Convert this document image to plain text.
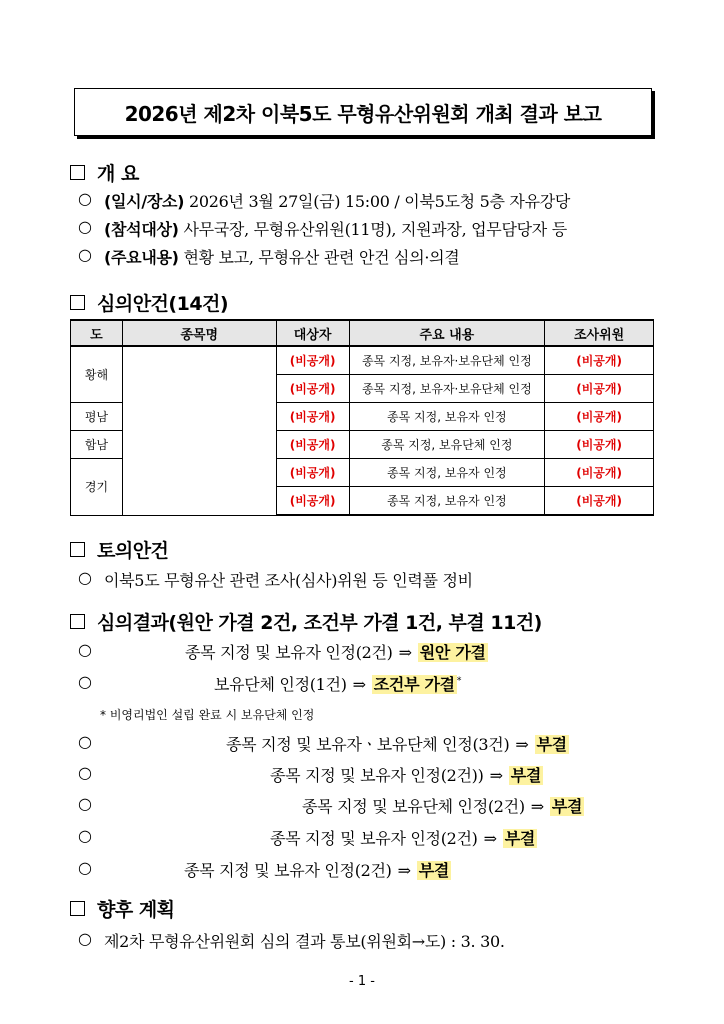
2026년 제2차 이북5도 무형유산위원회 개최 결과 보고
개 요
○ (일시/장소) 2026년 3월 27일(금) 15:00 / 이북5도청 5층 자유강당
○ (참석대상) 사무국장, 무형유산위원(11명), 지원과장, 업무담당자 등
○ (주요내용) 현황 보고, 무형유산 관련 안건 심의·의결
심의안건(14건)
도	종목명	대상자	주요 내용	조사위원
황해		(비공개)	종목 지정, 보유자·보유단체 인정	(비공개)
		(비공개)	종목 지정, 보유자·보유단체 인정	(비공개)
평남		(비공개)	종목 지정, 보유자 인정	(비공개)
함남		(비공개)	종목 지정, 보유단체 인정	(비공개)
경기		(비공개)	종목 지정, 보유자 인정	(비공개)
		(비공개)	종목 지정, 보유자 인정	(비공개)
토의안건
○ 이북5도 무형유산 관련 조사(심사)위원 등 인력풀 정비
심의결과(원안 가결 2건, 조건부 가결 1건, 부결 11건)
○	종목 지정 및 보유자 인정(2건) ⇒ 원안 가결
○	보유단체 인정(1건) ⇒ 조건부 가결 *
* 비영리법인 설립 완료 시 보유단체 인정
○	종목 지정 및 보유자ㆍ보유단체 인정(3건) ⇒ 부결
○	종목 지정 및 보유자 인정(2건)) ⇒ 부결
○	종목 지정 및 보유단체 인정(2건) ⇒ 부결
○	종목 지정 및 보유자 인정(2건) ⇒ 부결
○	종목 지정 및 보유자 인정(2건) ⇒ 부결
향후 계획
○ 제2차 무형유산위원회 심의 결과 통보(위원회→도) : 3. 30.
- 1 -
